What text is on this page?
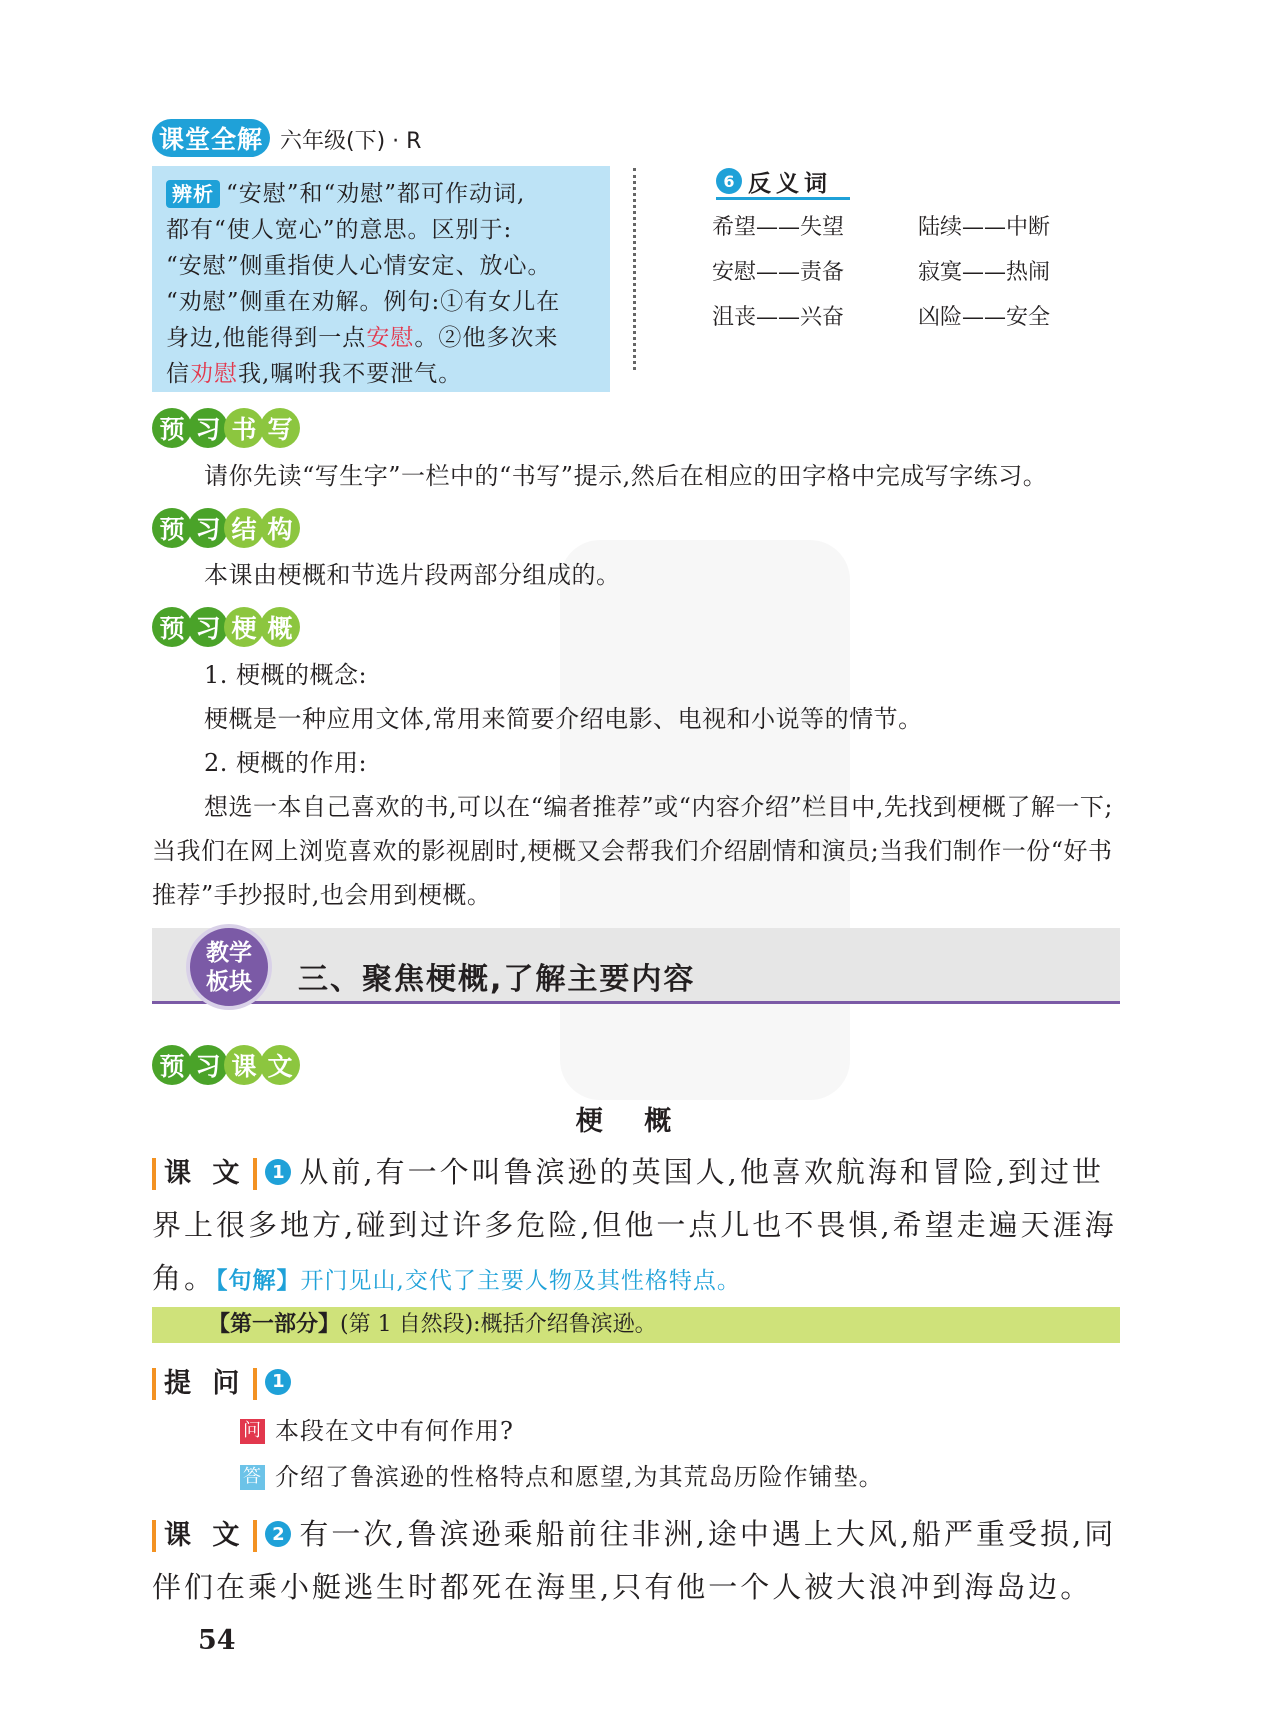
课堂全解 六年级(下) · R
辨析 “安慰”和“劝慰”都可作动词,
都有“使人宽心”的意思。区别于:
“安慰”侧重指使人心情安定、放心。
“劝慰”侧重在劝解。例句:①有女儿在
身边,他能得到一点安慰。②他多次来
信劝慰我,嘱咐我不要泄气。
6 反义词
希望——失望	陆续——中断
安慰——责备	寂寞——热闹
沮丧——兴奋	凶险——安全
预 习 书 写
请你先读“写生字”一栏中的“书写”提示,然后在相应的田字格中完成写字练习。
预 习 结 构
本课由梗概和节选片段两部分组成的。
预 习 梗 概
1. 梗概的概念:
梗概是一种应用文体,常用来简要介绍电影、电视和小说等的情节。
2. 梗概的作用:
想选一本自己喜欢的书,可以在“编者推荐”或“内容介绍”栏目中,先找到梗概了解一下;当我们在网上浏览喜欢的影视剧时,梗概又会帮我们介绍剧情和演员;当我们制作一份“好书推荐”手抄报时,也会用到梗概。
教学
板块	三、聚焦梗概,了解主要内容
预 习 课 文
梗 概
课 文 1 从前,有一个叫鲁滨逊的英国人,他喜欢航海和冒险,到过世界上很多地方,碰到过许多危险,但他一点儿也不畏惧,希望走遍天涯海角。【句解】开门见山,交代了主要人物及其性格特点。
【第一部分】(第 1 自然段):概括介绍鲁滨逊。
提 问 1
问 本段在文中有何作用?
答 介绍了鲁滨逊的性格特点和愿望,为其荒岛历险作铺垫。
课 文 2 有一次,鲁滨逊乘船前往非洲,途中遇上大风,船严重受损,同伴们在乘小艇逃生时都死在海里,只有他一个人被大浪冲到海岛边。
54
